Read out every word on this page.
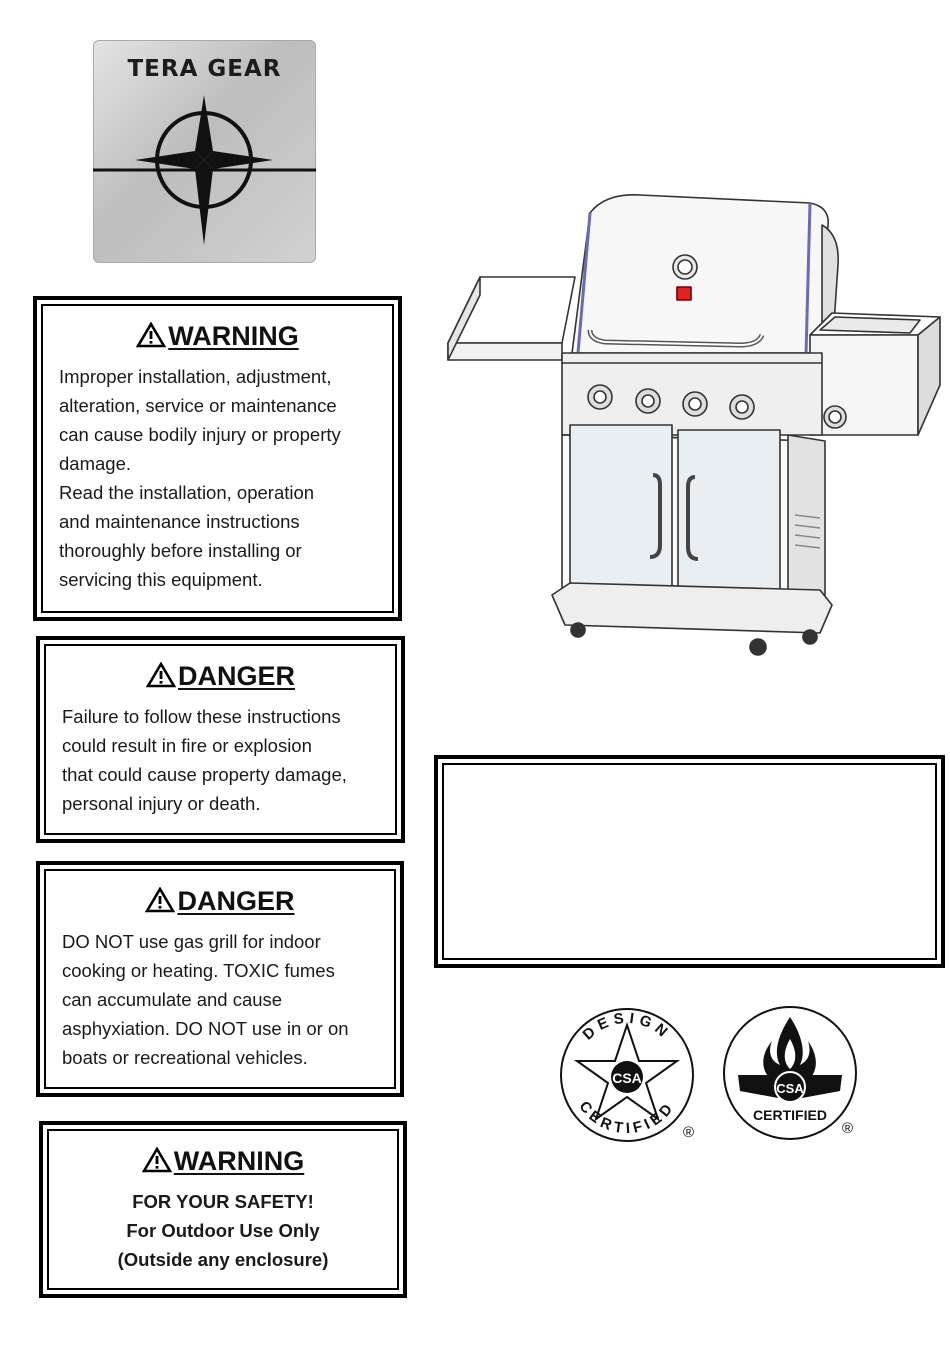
TERA GEAR
WARNING

Improper installation, adjustment,

alteration, service or maintenance

can cause bodily injury or property

damage.

Read the installation, operation

and maintenance instructions

thoroughly before installing or

servicing this equipment.

DANGER

Failure to follow these instructions

could result in fire or explosion

that could cause property damage,

personal injury or death.

DANGER

DO NOT use gas grill for indoor

cooking or heating. TOXIC fumes

can accumulate and cause

asphyxiation. DO NOT use in or on

boats or recreational vehicles.

WARNING

FOR YOUR SAFETY!

For Outdoor Use Only

(Outside any enclosure)

CSA
DESIGN
CERTIFIED
®
CSA
CERTIFIED
®
